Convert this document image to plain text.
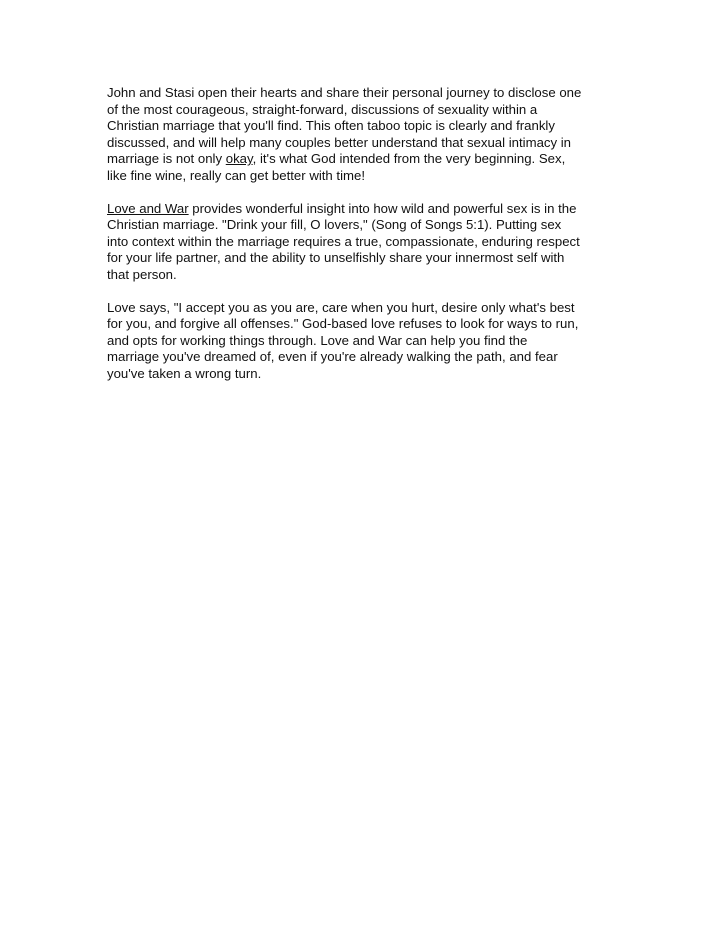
John and Stasi open their hearts and share their personal journey to disclose one
of the most courageous, straight-forward, discussions of sexuality within a
Christian marriage that you'll find. This often taboo topic is clearly and frankly
discussed, and will help many couples better understand that sexual intimacy in
marriage is not only okay, it's what God intended from the very beginning. Sex,
like fine wine, really can get better with time!

Love and War provides wonderful insight into how wild and powerful sex is in the
Christian marriage. "Drink your fill, O lovers," (Song of Songs 5:1). Putting sex
into context within the marriage requires a true, compassionate, enduring respect
for your life partner, and the ability to unselfishly share your innermost self with
that person.

Love says, "I accept you as you are, care when you hurt, desire only what's best
for you, and forgive all offenses." God-based love refuses to look for ways to run,
and opts for working things through. Love and War can help you find the
marriage you've dreamed of, even if you're already walking the path, and fear
you've taken a wrong turn.
